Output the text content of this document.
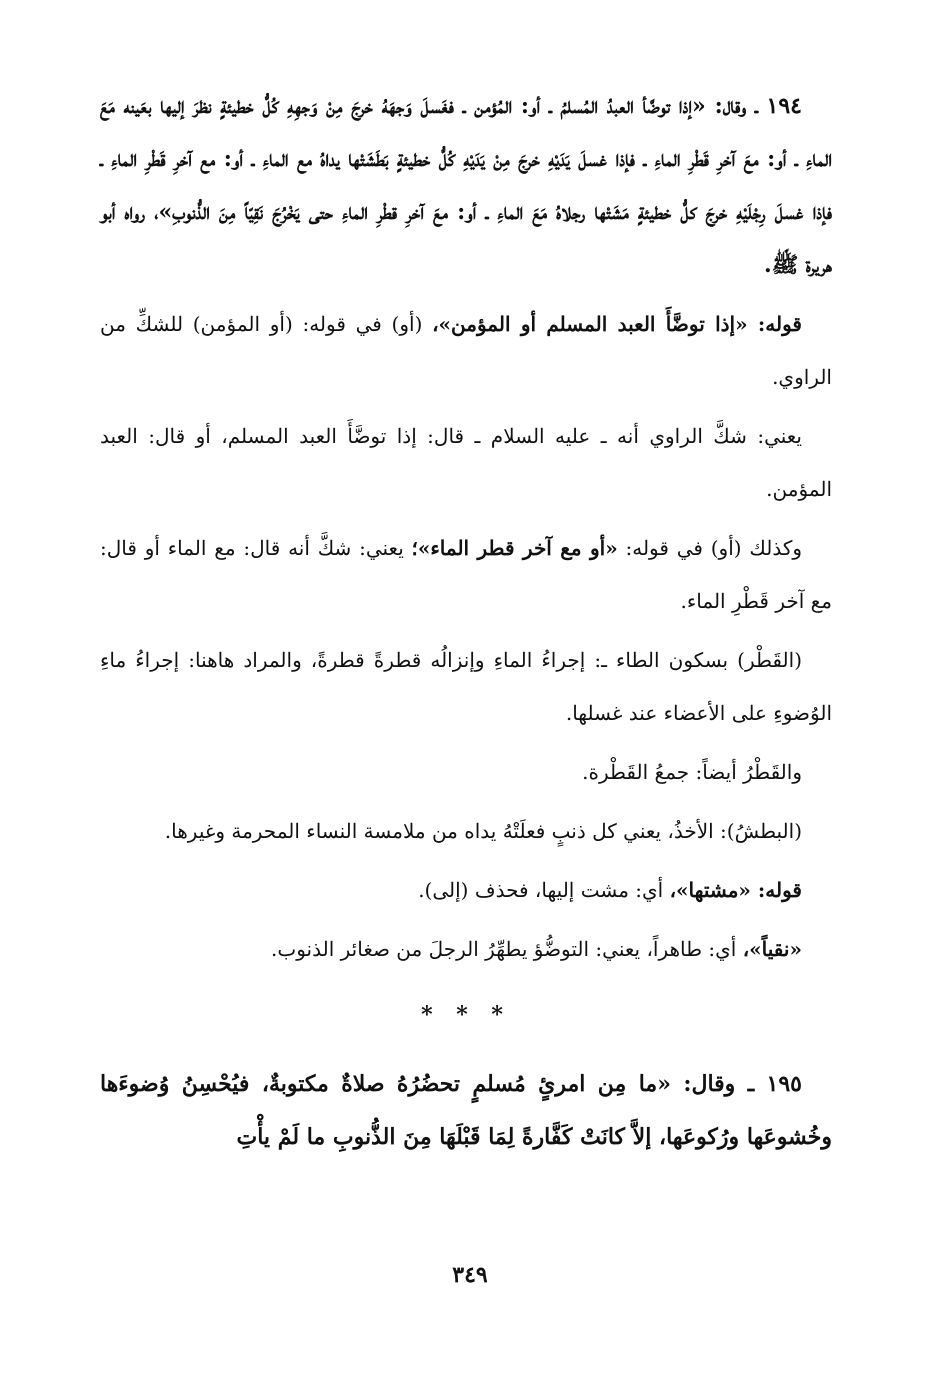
١٩٤ ـ وقال: «إذا توضَّأ العبدُ المُسلمُ ـ أو: المُؤمن ـ فغَسلَ وَجهَهُ خرجَ مِنْ وَجهِهِ كُلُّ خطيئةٍ نظرَ إليها بعَينه مَعَ الماءِ ـ أو: معَ آخرِ قَطْرِ الماءِ ـ فإذا غسلَ يَدَيْهِ خرجَ مِنْ يَدَيْهِ كُلُّ خطيئةٍ بَطَشَتْها يداهُ مع الماءِ ـ أو: مع آخرِ قَطْرِ الماءِ ـ فإذا غسلَ رِجْلَيْهِ خرجَ كلُّ خطيئةٍ مَشَتْها رجلاهُ مَعَ الماءِ ـ أو: معَ آخرِ قطْرِ الماءِ حتى يَخْرُجَ نَقِيّاً مِنَ الذُّنوبِ»، رواه أبو هريرة ﷺ.

قوله: «إذا توضَّأَ العبد المسلم أو المؤمن»، (أو) في قوله: (أو المؤمن) للشكِّ من الراوي.

يعني: شكَّ الراوي أنه ـ عليه السلام ـ قال: إذا توضَّأَ العبد المسلم، أو قال: العبد المؤمن.

وكذلك (أو) في قوله: «أو مع آخر قطر الماء»؛ يعني: شكَّ أنه قال: مع الماء أو قال: مع آخر قَطْرِ الماء.

(القَطْر) بسكون الطاء ـ: إجراءُ الماءِ وإنزالُه قطرةً قطرةً، والمراد هاهنا: إجراءُ ماءِ الوُضوءِ على الأعضاء عند غسلها.

والقَطْرُ أيضاً: جمعُ القَطْرة.

(البطشُ): الأخذُ، يعني كل ذنبٍ فعلَتْهُ يداه من ملامسة النساء المحرمة وغيرها.

قوله: «مشتها»، أي: مشت إليها، فحذف (إلى).

«نقياً»، أي: طاهراً، يعني: التوضُّؤ يطهِّرُ الرجلَ من صغائر الذنوب.

* * *

١٩٥ ـ وقال: «ما مِن امرئٍ مُسلمٍ تحضُرُهُ صلاةٌ مكتوبةٌ، فيُحْسِنُ وُضوءَها وخُشوعَها ورُكوعَها، إلاَّ كانَتْ كَفَّارةً لِمَا قَبْلَهَا مِنَ الذُّنوبِ ما لَمْ يأْتِ

٣٤٩
